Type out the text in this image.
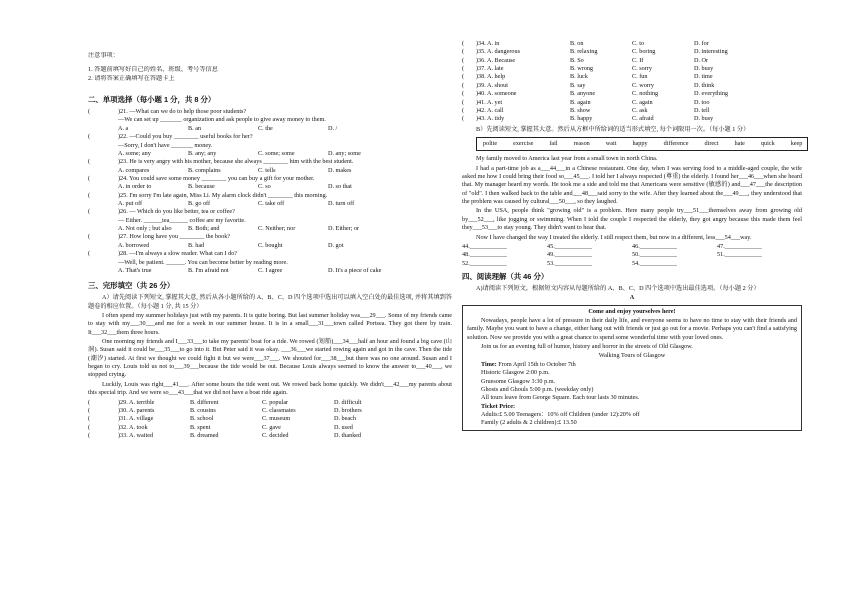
注意事项：
1. 答题前填写好自己的姓名、班级、考号等信息
2. 请将答案正确填写在答题卡上
二、单项选择（每小题 1 分，共 8 分）
(	)21. —What can we do to help those poor students?
—We can set up _______ organization and ask people to give away money to them.
A. a	B. an	C. the	D. /
(	)22. —Could you buy ________ useful books for her?
—Sorry, I don't have _______ money.
A. some; any	B. any; any	C. some; some	D. any; some
(	)23. He is very angry with his mother, because she always ________ him with the best student.
A. compares	B. complains	C. tells	D. makes
(	)24. You could save some money ________ you can buy a gift for your mother.
A. in order to	B. because	C. so	D. so that
(	)25. I'm sorry I'm late again, Miss Li. My alarm clock didn't ________ this morning.
A. put off	B. go off	C. take off	D. turn off
(	)26. — Which do you like better, tea or coffee?
— Either. ______tea______ coffee are my favorite.
A. Not only ; but also	B. Both; and	C. Neither; nor	D. Either; or
(	)27. How long have you ________ the book?
A. borrowed	B. had	C. bought	D. got
(	)28. —I'm always a slow reader. What can I do?
—Well, be patient. ______. You can become better by reading more.
A. That's true	B. I'm afraid not	C. I agree	D. It's a piece of cake
三、完形填空（共 26 分）
A）请先阅读下列短文, 掌握其大意, 然后从各小题所给的 A、B、C、D 四个选项中选出可以填入空白处的最佳选项, 并将其填到答题卷的相应位置。（每小题 1 分, 共 15 分）
I often spend my summer holidays just with my parents. It is quite boring. But last summer holiday was___29___. Some of my friends came to stay with my___30___and me for a week in our summer house. It is in a small___31___town called Portsea. They got there by train. It___32___them three hours.
One morning my friends and I___33___to take my parents' boat for a ride. We rowed (划船)___34___half an hour and found a big cave (山洞). Susan said it could be___35___to go into it. But Peter said it was okay. ___36___we started rowing again and got in the cave. Then the tide (潮汐) started. At first we thought we could fight it but we were___37___. We shouted for___38___but there was no one around. Susan and I began to cry. Louis told us not to___39___because the tide would be out. Because Louis always seemed to know the answer to___40___, we stopped crying.
Luckily, Louis was right___41___. After some hours the tide went out. We rowed back home quickly. We didn't___42___my parents about this special trip. And we were so___43___that we did not have a boat ride again.
(	)29. A. terrible	B. different	C. popular	D. difficult
(	)30. A. parents	B. cousins	C. classmates	D. brothers
(	)31. A. village	B. school	C. museum	D. beach
(	)32. A. took	B. spent	C. gave	D. used
(	)33. A. waited	B. dreamed	C. decided	D. thanked
(	)34. A. in	B. on	C. to	D. for
(	)35. A. dangerous	B. relaxing	C. boring	D. interesting
(	)36. A. Because	B. So	C. If	D. Or
(	)37. A. late	B. wrong	C. sorry	D. busy
(	)38. A. help	B. luck	C. fun	D. time
(	)39. A. shout	B. say	C. worry	D. think
(	)40. A. someone	B. anyone	C. nothing	D. everything
(	)41. A. yet	B. again	C. again	D. too
(	)42. A. call	B. show	C. ask	D. tell
(	)43. A. tidy	B. happy	C. afraid	D. busy
B）先阅读短文, 掌握其大意。然后从方框中所给词的适当形式填空, 每个词限用一次。（每小题 1 分）
polite	exercise	fail	reason	wait	happy	difference	direct	hate	quick	keep
My family moved to America last year from a small town in north China.
I had a part-time job as a___44___in a Chinese restaurant. One day, when I was serving food to a middle-aged couple, the wife asked me how I could bring their food so___45___. I told her I always respected (尊重) the elderly. I found her___46___when she heard that. My manager heard my words. He took me a side and told me that Americans were sensitive (敏感的) and___47___the description of "old". I then walked back to the table and___48___said sorry to the wife. After they learned about the___49___, they understood that the problem was caused by cultural___50___, so they laughed.
In the USA, people think "growing old" is a problem. Here many people try___51___themselves away from growing old by___52___, like jogging or swimming. When I told the couple I respected the elderly, they got angry because this made them feel they___53___to stay young. They didn't want to hear that.
Now I have changed the way I treated the elderly. I still respect them, but now in a different, less___54___way.
44.____________	45.____________	46.____________	47.____________
48.____________	49.____________	50.____________	51.____________
52.____________	53.____________	54.____________
四、阅读理解（共 46 分）
A)请阅读下列短文，根据短文内容从每题所给的 A、B、C、D 四个选项中选出最佳选项。（每小题 2 分）
A
Come and enjoy yourselves here!
Nowadays, people have a lot of pressure in their daily life, and everyone seems to have no time to stay with their friends and family. Maybe you want to have a change, either hang out with friends or just go out for a movie. Perhaps you can't find a satisfying solution. Now we provide you with a great chance to spend some wonderful time with your loved ones.
Join us for an evening full of humor, history and horror in the streets of Old Glasgow.
Walking Tours of Glasgow
Time: From April 15th to October 7th
Historic Glasgow 2:00 p.m.
Gruesome Glasgow 3:30 p.m.
Ghosts and Ghouls 5:00 p.m. (weekday only)
All tours leave from George Square. Each tour lasts 30 minutes.
Ticket Price:
Adults:£ 5.00 Teenagers：10% off Children (under 12):20% off
Family (2 adults & 2 children):£ 13.50
